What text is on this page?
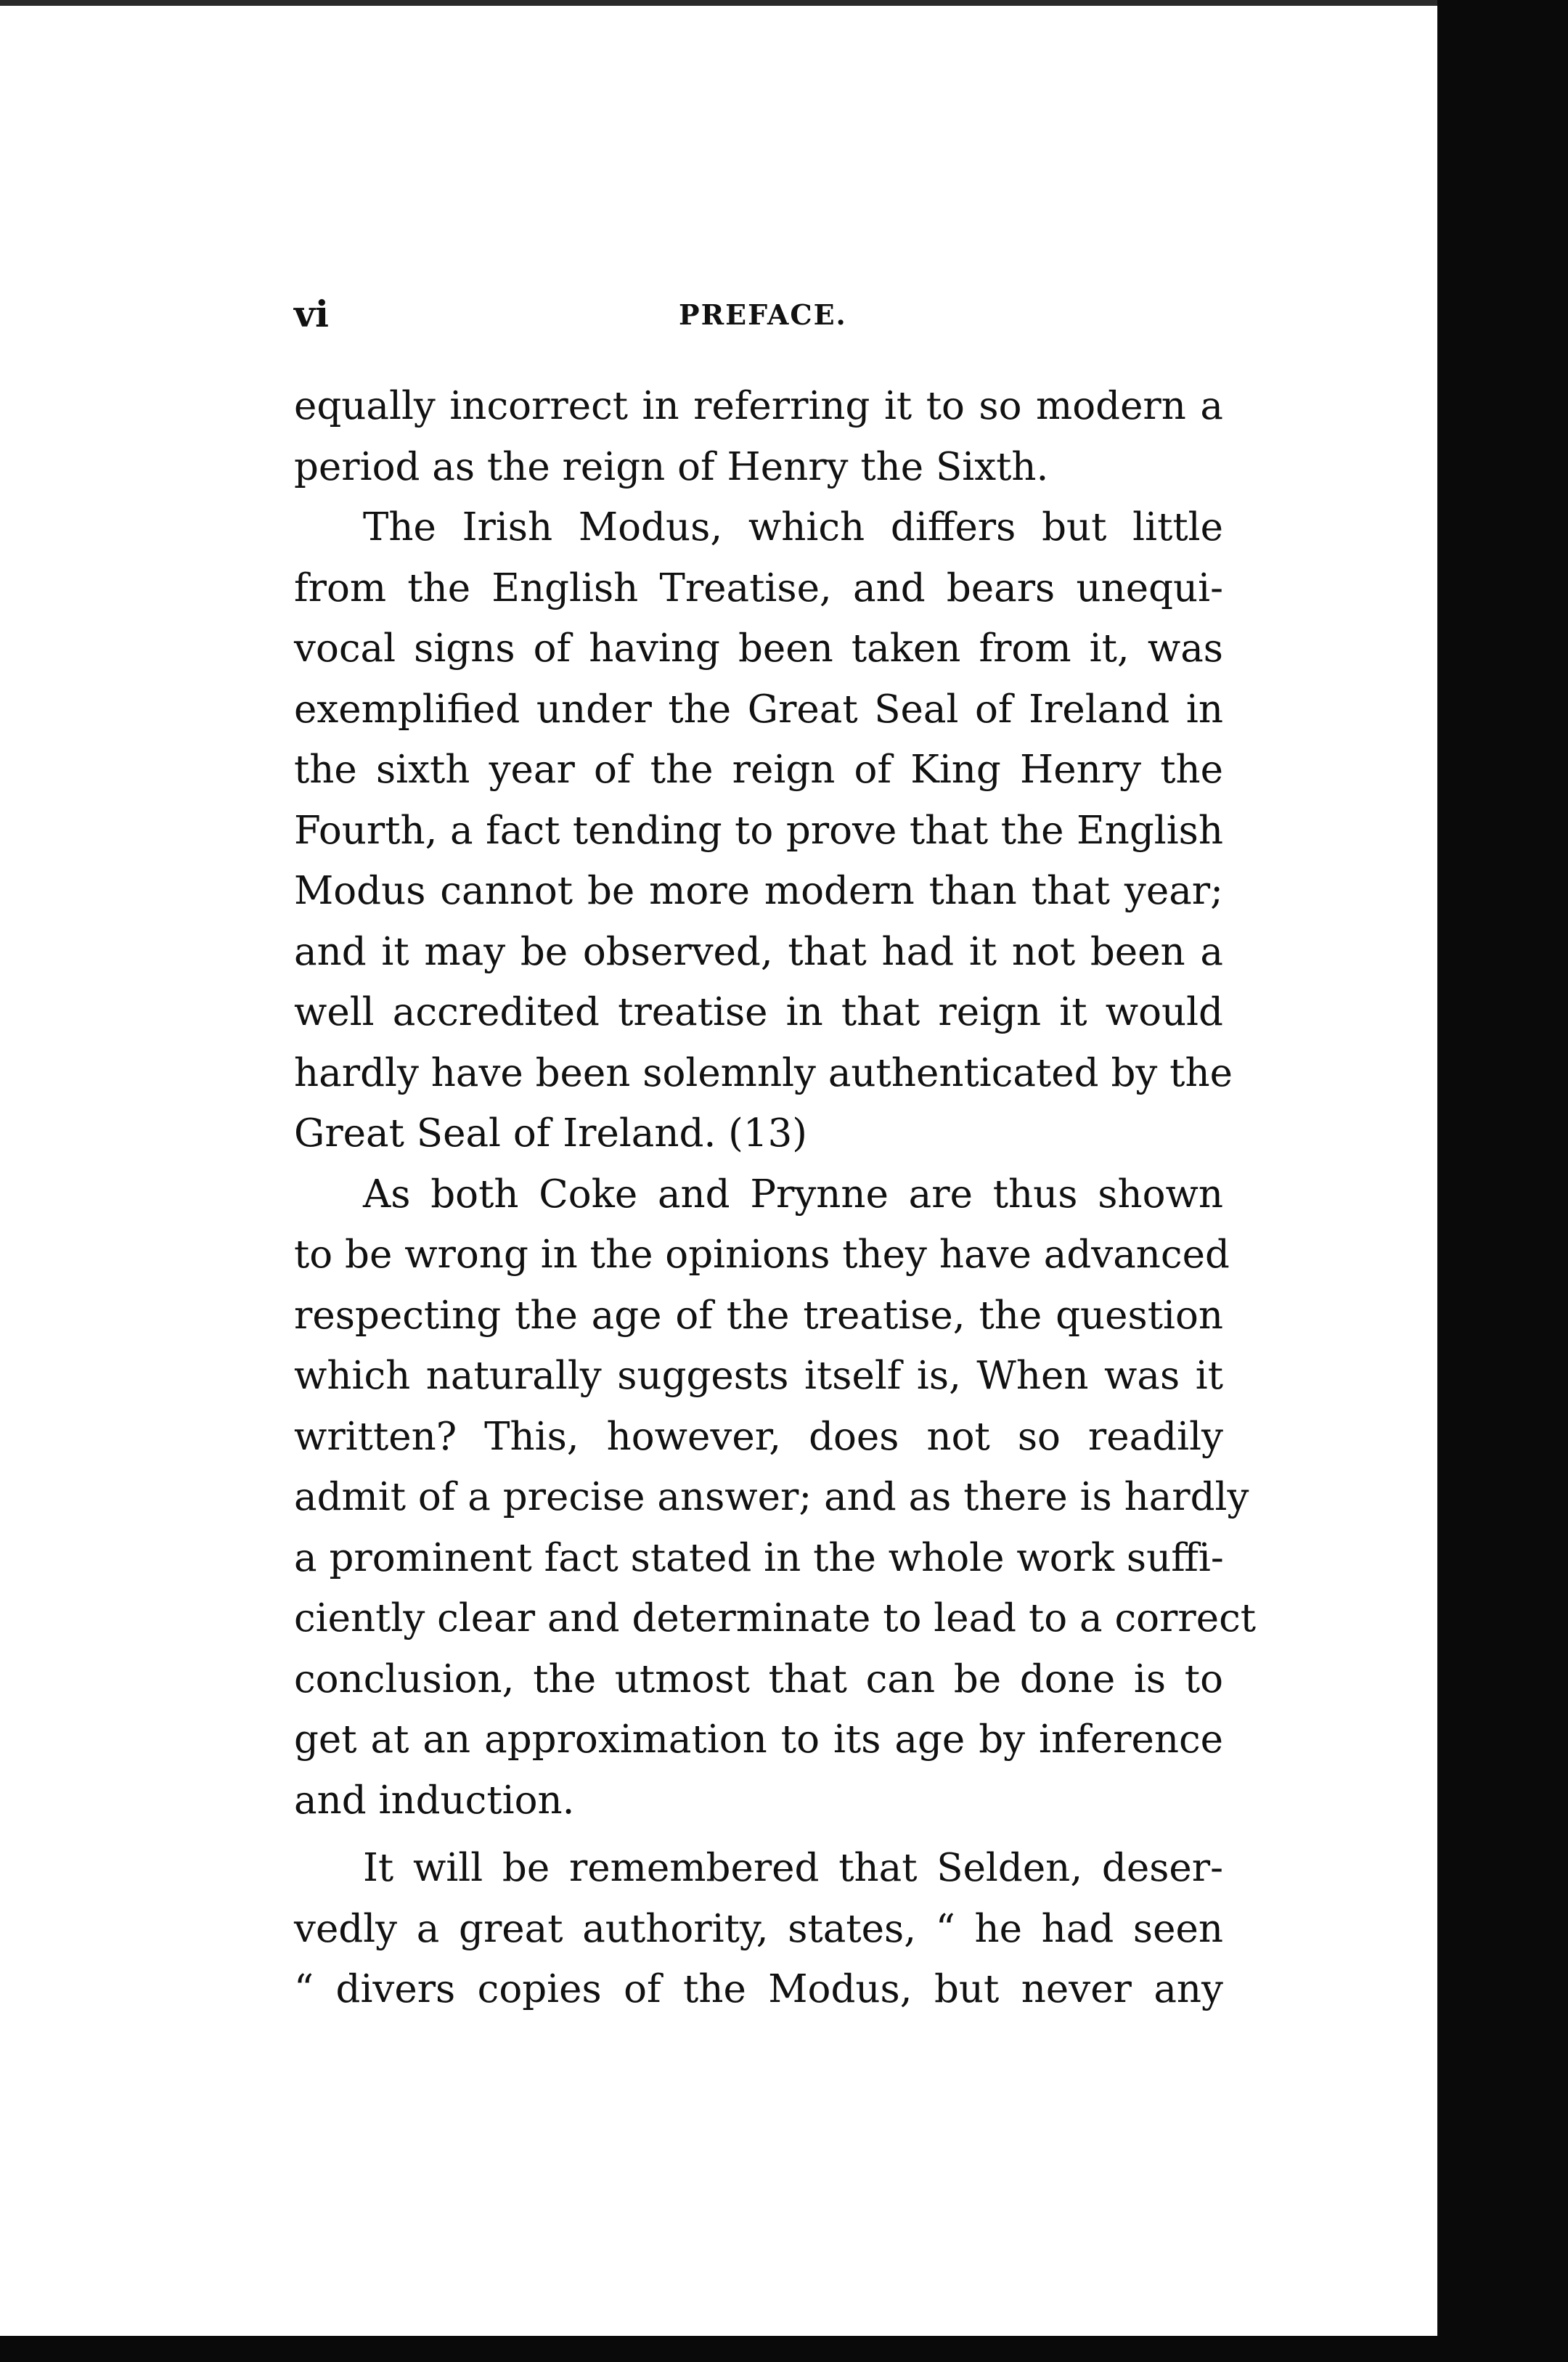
vi	PREFACE.
equally incorrect in referring it to so modern a
period as the reign of Henry the Sixth.
The Irish Modus, which differs but little
from the English Treatise, and bears unequi-
vocal signs of having been taken from it, was
exemplified under the Great Seal of Ireland in
the sixth year of the reign of King Henry the
Fourth, a fact tending to prove that the English
Modus cannot be more modern than that year;
and it may be observed, that had it not been a
well accredited treatise in that reign it would
hardly have been solemnly authenticated by the
Great Seal of Ireland. (13)
As both Coke and Prynne are thus shown
to be wrong in the opinions they have advanced
respecting the age of the treatise, the question
which naturally suggests itself is, When was it
written? This, however, does not so readily
admit of a precise answer; and as there is hardly
a prominent fact stated in the whole work suffi-
ciently clear and determinate to lead to a correct
conclusion, the utmost that can be done is to
get at an approximation to its age by inference
and induction.
It will be remembered that Selden, deser-
vedly a great authority, states, “ he had seen
“ divers copies of the Modus, but never any
